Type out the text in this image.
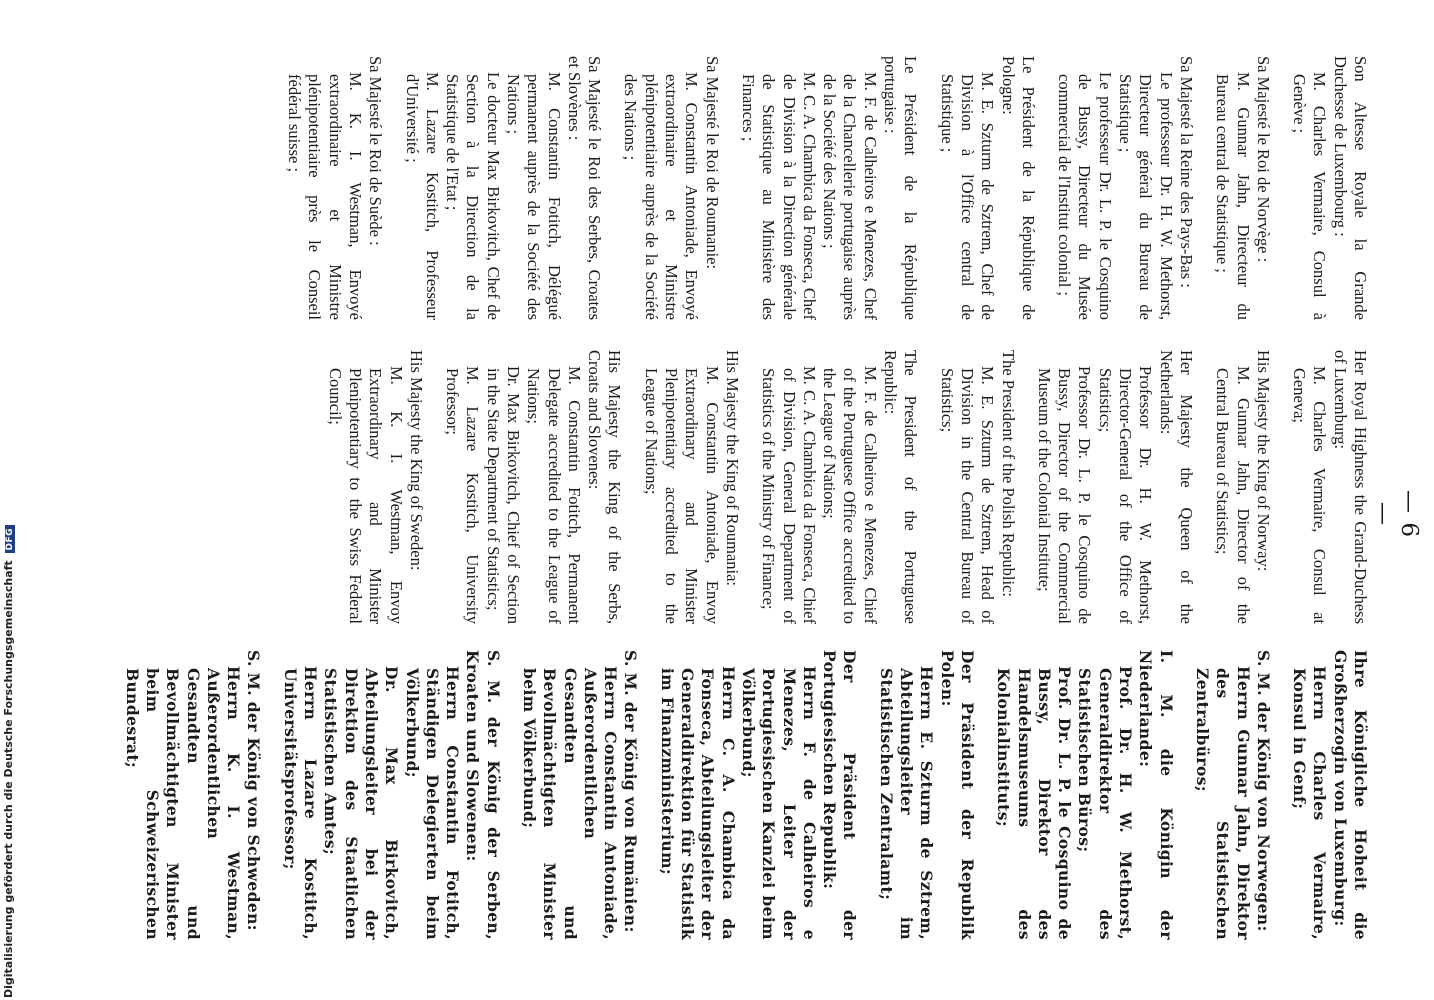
— 6 —
Son Altesse Royale la Grande Duchesse de Luxembourg :
M. Charles Vermaire, Consul à Genève ;
Sa Majesté le Roi de Norvège :
M. Gunnar Jahn, Directeur du Bureau central de Statistique ;
Sa Majesté la Reine des Pays-Bas :
Le professeur Dr. H. W. Methorst, Directeur général du Bureau de Statistique ;
Le professeur Dr. L. P. le Cosquino de Bussy, Directeur du Musée commercial de l'Institut colonial ;
Le Président de la République de Pologne:
M. E. Szturm de Sztrem, Chef de Division à l'Office central de Statistique ;
Le Président de la République portugaise :
M. F. de Calheiros e Menezes, Chef de la Chancellerie portugaise auprès de la Société des Nations ;
M. C. A. Chambica da Fonseca, Chef de Division à la Direction générale de Statistique au Ministère des Finances ;
Sa Majesté le Roi de Roumanie:
M. Constantin Antoniade, Envoyé extraordinaire et Ministre plénipotentiaire auprès de la Société des Nations ;
Sa Majesté le Roi des Serbes, Croates et Slovènes :
M. Constantin Fotitch, Délégué permanent auprès de la Société des Nations ;
Le docteur Max Birkovitch, Chef de Section à la Direction de la Statistique de l'Etat ;
M. Lazare Kostitch, Professeur d'Université ;
Sa Majesté le Roi de Suède :
M. K. I. Westman, Envoyé extraordinaire et Ministre plénipotentiaire près le Conseil fédéral suisse ;
Her Royal Highness the Grand-Duchess of Luxemburg:
M. Charles Vermaire, Consul at Geneva;
His Majesty the King of Norway:
M. Gunnar Jahn, Director of the Central Bureau of Statistics;
Her Majesty the Queen of the Netherlands:
Professor Dr. H. W. Methorst, Director-General of the Office of Statistics;
Professor Dr. L. P. le Cosquino de Bussy, Director of the Commercial Museum of the Colonial Institute;
The President of the Polish Republic:
M. E. Szturm de Sztrem, Head of Division in the Central Bureau of Statistics;
The President of the Portuguese Republic:
M. F. de Calheiros e Menezes, Chief of the Portuguese Office accredited to the League of Nations;
M. C. A. Chambica da Fonseca, Chief of Division, General Department of Statistics of the Ministry of Finance;
His Majesty the King of Roumania:
M. Constantin Antoniade, Envoy Extraordinary and Minister Plenipotentiary accredited to the League of Nations;
His Majesty the King of the Serbs, Croats and Slovenes:
M. Constantin Fotitch, Permanent Delegate accredited to the League of Nations;
Dr. Max Birkovitch, Chief of Section in the State Department of Statistics;
M. Lazare Kostitch, University Professor;
His Majesty the King of Sweden:
M. K. I. Westman, Envoy Extraordinary and Minister Plenipotentiary to the Swiss Federal Council;
Ihre Königliche Hoheit die Großherzogin von Luxemburg:
Herrn Charles Vermaire, Konsul in Genf;
S. M. der König von Norwegen:
Herrn Gunnar Jahn, Direktor des Statistischen Zentralbüros;
I. M. die Königin der Niederlande:
Prof. Dr. H. W. Methorst, Generaldirektor des Statistischen Büros;
Prof. Dr. L. P. le Cosquino de Bussy, Direktor des Handelsmuseums des Kolonialinstituts;
Der Präsident der Republik Polen:
Herrn E. Szturm de Sztrem, Abteilungsleiter im Statistischen Zentralamt;
Der Präsident der Portugiesischen Republik:
Herrn F. de Calheiros e Menezes, Leiter der Portugiesischen Kanzlei beim Völkerbund;
Herrn C. A. Chambica da Fonseca, Abteilungsleiter der Generaldirektion für Statistik im Finanzministerium;
S. M. der König von Rumänien:
Herrn Constantin Antoniade, Außerordentlichen Gesandten und Bevollmächtigten Minister beim Völkerbund;
S. M. der König der Serben, Kroaten und Slowenen:
Herrn Constantin Fotitch, Ständigen Delegierten beim Völkerbund;
Dr. Max Birkovitch, Abteilungsleiter bei der Direktion des Staatlichen Statistischen Amtes;
Herrn Lazare Kostitch, Universitätsprofessor;
S. M. der König von Schweden:
Herrn K. I. Westman, Außerordentlichen Gesandten und Bevollmächtigten Minister beim Schweizerischen Bundesrat;
Digitalisierung gefördert durch die Deutsche Forschungsgemeinschaft DFG
